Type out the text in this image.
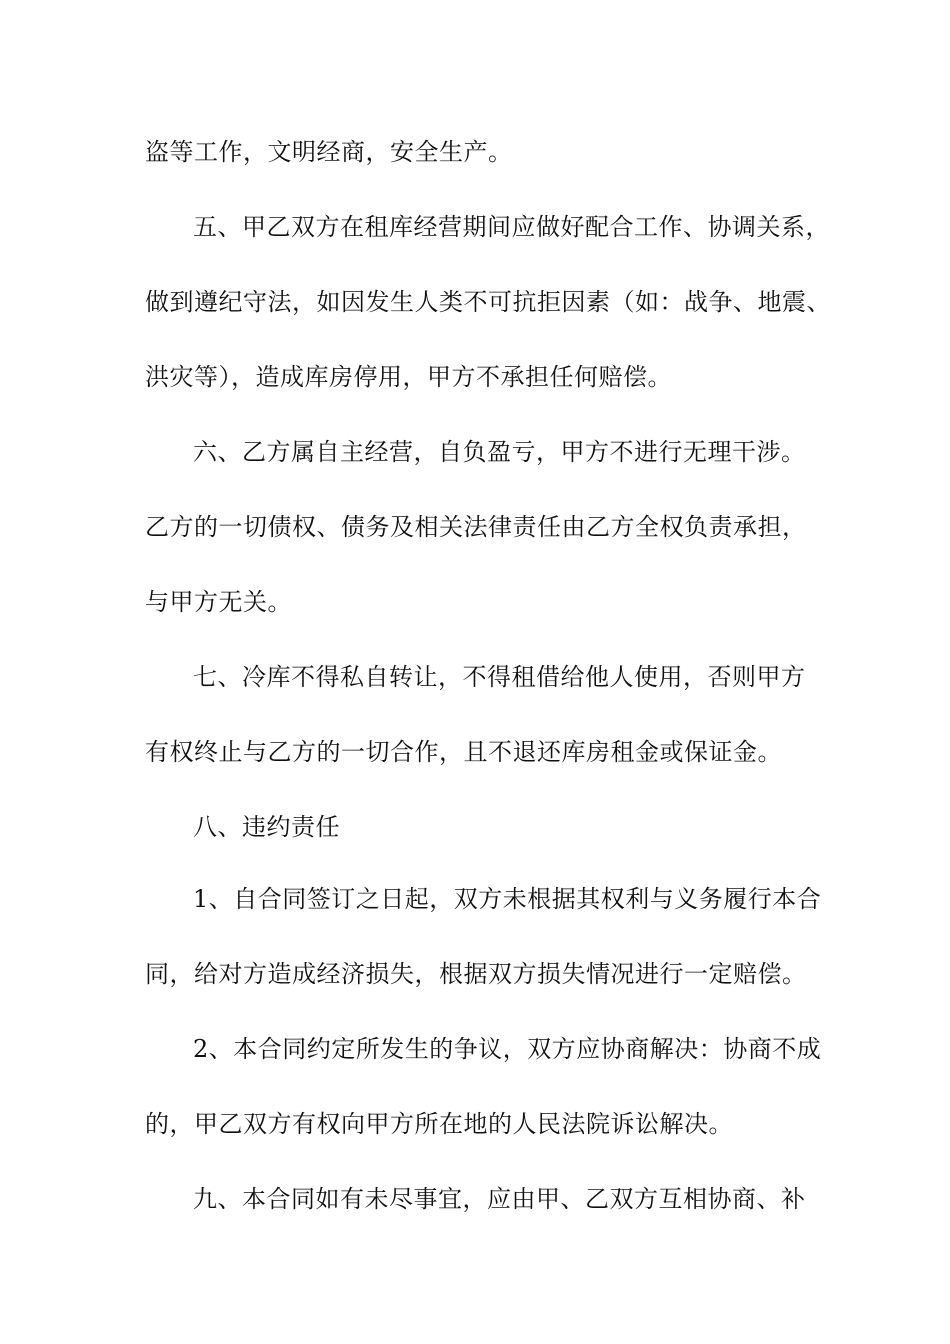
盗等工作，文明经商，安全生产。

五、甲乙双方在租库经营期间应做好配合工作、协调关系，

做到遵纪守法，如因发生人类不可抗拒因素（如：战争、地震、

洪灾等），造成库房停用，甲方不承担任何赔偿。

六、乙方属自主经营，自负盈亏，甲方不进行无理干涉。

乙方的一切债权、债务及相关法律责任由乙方全权负责承担，

与甲方无关。

七、冷库不得私自转让，不得租借给他人使用，否则甲方

有权终止与乙方的一切合作，且不退还库房租金或保证金。

八、违约责任

1、自合同签订之日起，双方未根据其权利与义务履行本合

同，给对方造成经济损失，根据双方损失情况进行一定赔偿。

2、本合同约定所发生的争议，双方应协商解决：协商不成

的，甲乙双方有权向甲方所在地的人民法院诉讼解决。

九、本合同如有未尽事宜，应由甲、乙双方互相协商、补
